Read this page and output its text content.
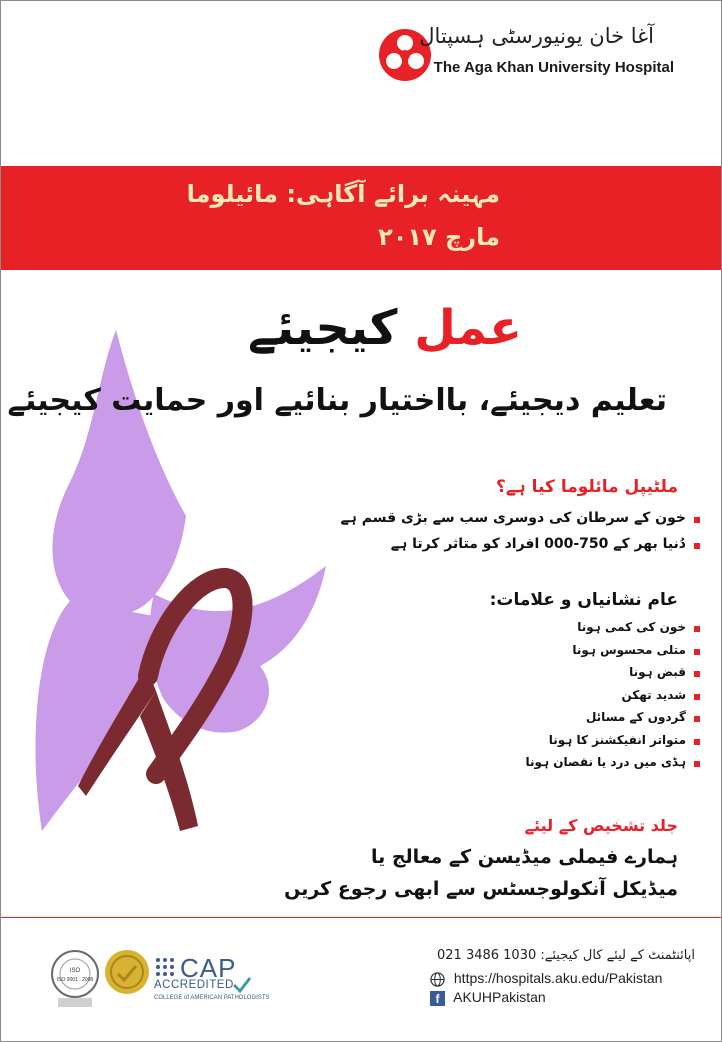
آغا خان یونیورسٹی ہسپتال
The Aga Khan University Hospital
مہینہ برائے آگاہی: مائیلوما
مارچ ۲۰۱۷
عمل کیجیئے
تعلیم دیجیئے، بااختیار بنائیے اور حمایت کیجیئے
ملٹیپل مائلوما کیا ہے؟
خون کے سرطان کی دوسری سب سے بڑی قسم ہے
دُنیا بھر کے 750-000 افراد کو متاثر کرتا ہے
عام نشانیاں و علامات:
خون کی کمی ہونا
متلی محسوس ہونا
قبض ہونا
شدید تھکن
گردوں کے مسائل
متواتر انفیکشنز کا ہونا
ہڈی میں درد یا نقصان ہونا
جلد تشخیص کے لیئے
ہمارے فیملی میڈیسن کے معالج یا
میڈیکل آنکولوجسٹس سے ابھی رجوع کریں
ISO
ISO 9001 : 2008	CAP
ACCREDITED
COLLEGE of AMERICAN PATHOLOGISTS
021 3486 1030 اپائنٹمنٹ کے لیئے کال کیجیئے:
https://hospitals.aku.edu/Pakistan
f AKUHPakistan
